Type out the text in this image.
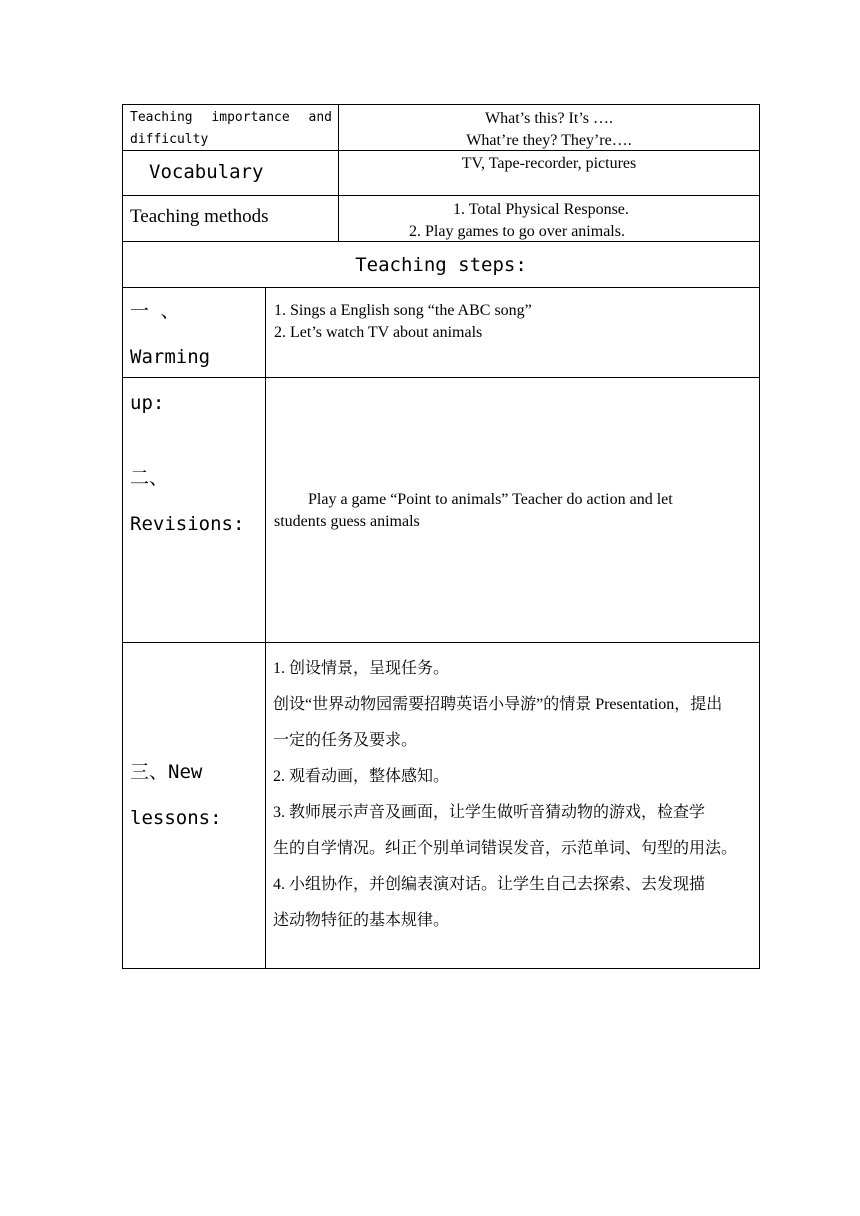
Teaching importance and difficulty
What’s this? It’s ….
What’re they? They’re….
Vocabulary	TV, Tape-recorder, pictures
Teaching methods	1. Total Physical Response.
2. Play games to go over animals.
Teaching steps:
一 、 Warming
up:
1. Sings a English song “the ABC song”
2. Let’s watch TV about animals
二、
Revisions:
Play a game “Point to animals” Teacher do action and let
students guess animals
三、New
lessons:
1. 创设情景，呈现任务。
创设“世界动物园需要招聘英语小导游”的情景 Presentation，提出
一定的任务及要求。
2. 观看动画，整体感知。
3. 教师展示声音及画面，让学生做听音猜动物的游戏，检查学
生的自学情况。纠正个别单词错误发音，示范单词、句型的用法。
4. 小组协作，并创编表演对话。让学生自己去探索、去发现描
述动物特征的基本规律。
